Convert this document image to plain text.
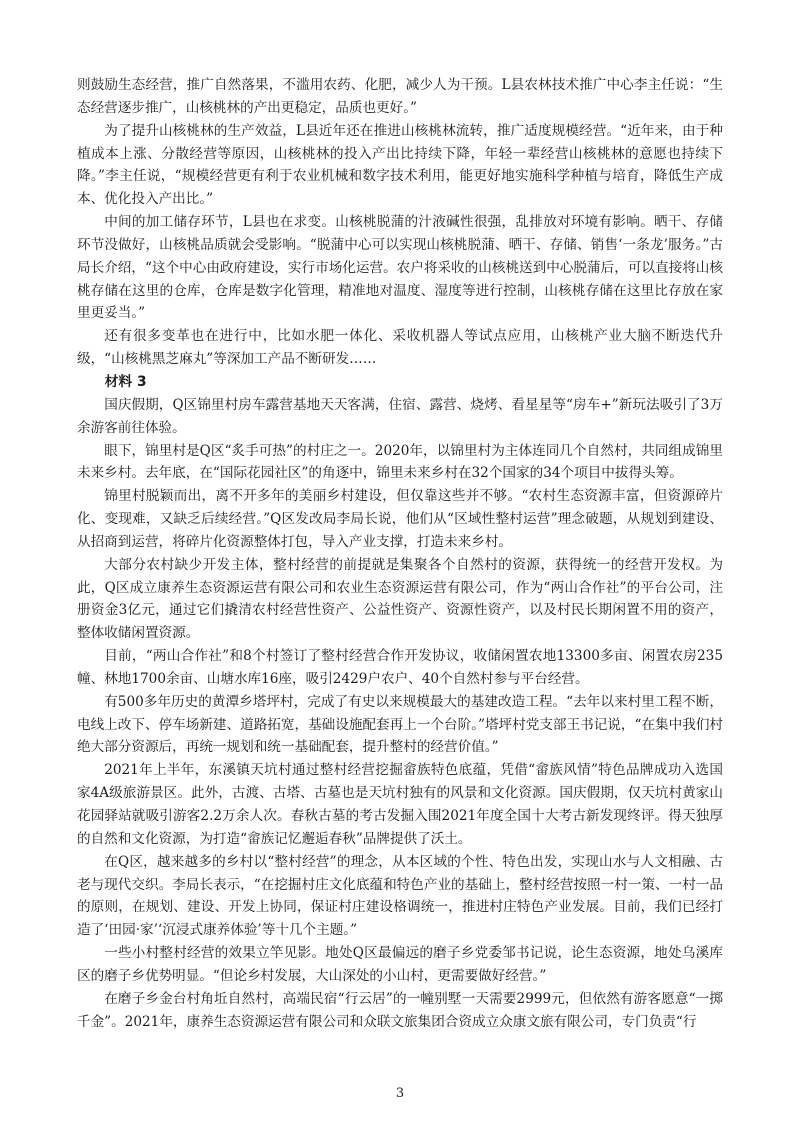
则鼓励生态经营，推广自然落果，不滥用农药、化肥，减少人为干预。L县农林技术推广中心李主任说：“生态经营逐步推广，山核桃林的产出更稳定，品质也更好。”

为了提升山核桃林的生产效益，L县近年还在推进山核桃林流转，推广适度规模经营。“近年来，由于种植成本上涨、分散经营等原因，山核桃林的投入产出比持续下降，年轻一辈经营山核桃林的意愿也持续下降。”李主任说，“规模经营更有利于农业机械和数字技术利用，能更好地实施科学种植与培育，降低生产成本、优化投入产出比。”

中间的加工储存环节，L县也在求变。山核桃脱蒲的汁液碱性很强，乱排放对环境有影响。晒干、存储环节没做好，山核桃品质就会受影响。“脱蒲中心可以实现山核桃脱蒲、晒干、存储、销售‘一条龙’服务。”古局长介绍，“这个中心由政府建设，实行市场化运营。农户将采收的山核桃送到中心脱蒲后，可以直接将山核桃存储在这里的仓库，仓库是数字化管理，精准地对温度、湿度等进行控制，山核桃存储在这里比存放在家里更妥当。”

还有很多变革也在进行中，比如水肥一体化、采收机器人等试点应用，山核桃产业大脑不断迭代升级，“山核桃黑芝麻丸”等深加工产品不断研发……

材料 3

国庆假期，Q区锦里村房车露营基地天天客满，住宿、露营、烧烤、看星星等“房车+”新玩法吸引了3万余游客前往体验。

眼下，锦里村是Q区“炙手可热”的村庄之一。2020年，以锦里村为主体连同几个自然村，共同组成锦里未来乡村。去年底，在“国际花园社区”的角逐中，锦里未来乡村在32个国家的34个项目中拔得头筹。

锦里村脱颖而出，离不开多年的美丽乡村建设，但仅靠这些并不够。“农村生态资源丰富，但资源碎片化、变现难，又缺乏后续经营。”Q区发改局李局长说，他们从“区域性整村运营”理念破题，从规划到建设、从招商到运营，将碎片化资源整体打包，导入产业支撑，打造未来乡村。

大部分农村缺少开发主体，整村经营的前提就是集聚各个自然村的资源，获得统一的经营开发权。为此，Q区成立康养生态资源运营有限公司和农业生态资源运营有限公司，作为“两山合作社”的平台公司，注册资金3亿元，通过它们撬清农村经营性资产、公益性资产、资源性资产，以及村民长期闲置不用的资产，整体收储闲置资源。

目前，“两山合作社”和8个村签订了整村经营合作开发协议，收储闲置农地13300多亩、闲置农房235幢、林地1700余亩、山塘水库16座，吸引2429户农户、40个自然村参与平台经营。

有500多年历史的黄潭乡塔坪村，完成了有史以来规模最大的基建改造工程。“去年以来村里工程不断，电线上改下、停车场新建、道路拓宽，基础设施配套再上一个台阶。”塔坪村党支部王书记说，“在集中我们村绝大部分资源后，再统一规划和统一基础配套，提升整村的经营价值。”

2021年上半年，东溪镇天坑村通过整村经营挖掘畲族特色底蕴，凭借“畲族风情”特色品牌成功入选国家4A级旅游景区。此外，古渡、古塔、古墓也是天坑村独有的风景和文化资源。国庆假期，仅天坑村黄家山花园驿站就吸引游客2.2万余人次。春秋古墓的考古发掘入围2021年度全国十大考古新发现终评。得天独厚的自然和文化资源，为打造“畲族记忆邂逅春秋”品牌提供了沃土。

在Q区，越来越多的乡村以“整村经营”的理念，从本区域的个性、特色出发，实现山水与人文相融、古老与现代交织。李局长表示，“在挖掘村庄文化底蕴和特色产业的基础上，整村经营按照一村一策、一村一品的原则，在规划、建设、开发上协同，保证村庄建设格调统一，推进村庄特色产业发展。目前，我们已经打造了‘田园·家’‘沉浸式康养体验’等十几个主题。”

一些小村整村经营的效果立竿见影。地处Q区最偏远的磨子乡党委邹书记说，论生态资源，地处乌溪库区的磨子乡优势明显。“但论乡村发展，大山深处的小山村，更需要做好经营。”

在磨子乡金台村角坵自然村，高端民宿“行云居”的一幢别墅一天需要2999元，但依然有游客愿意“一掷千金”。2021年，康养生态资源运营有限公司和众联文旅集团合资成立众康文旅有限公司，专门负责“行

3
